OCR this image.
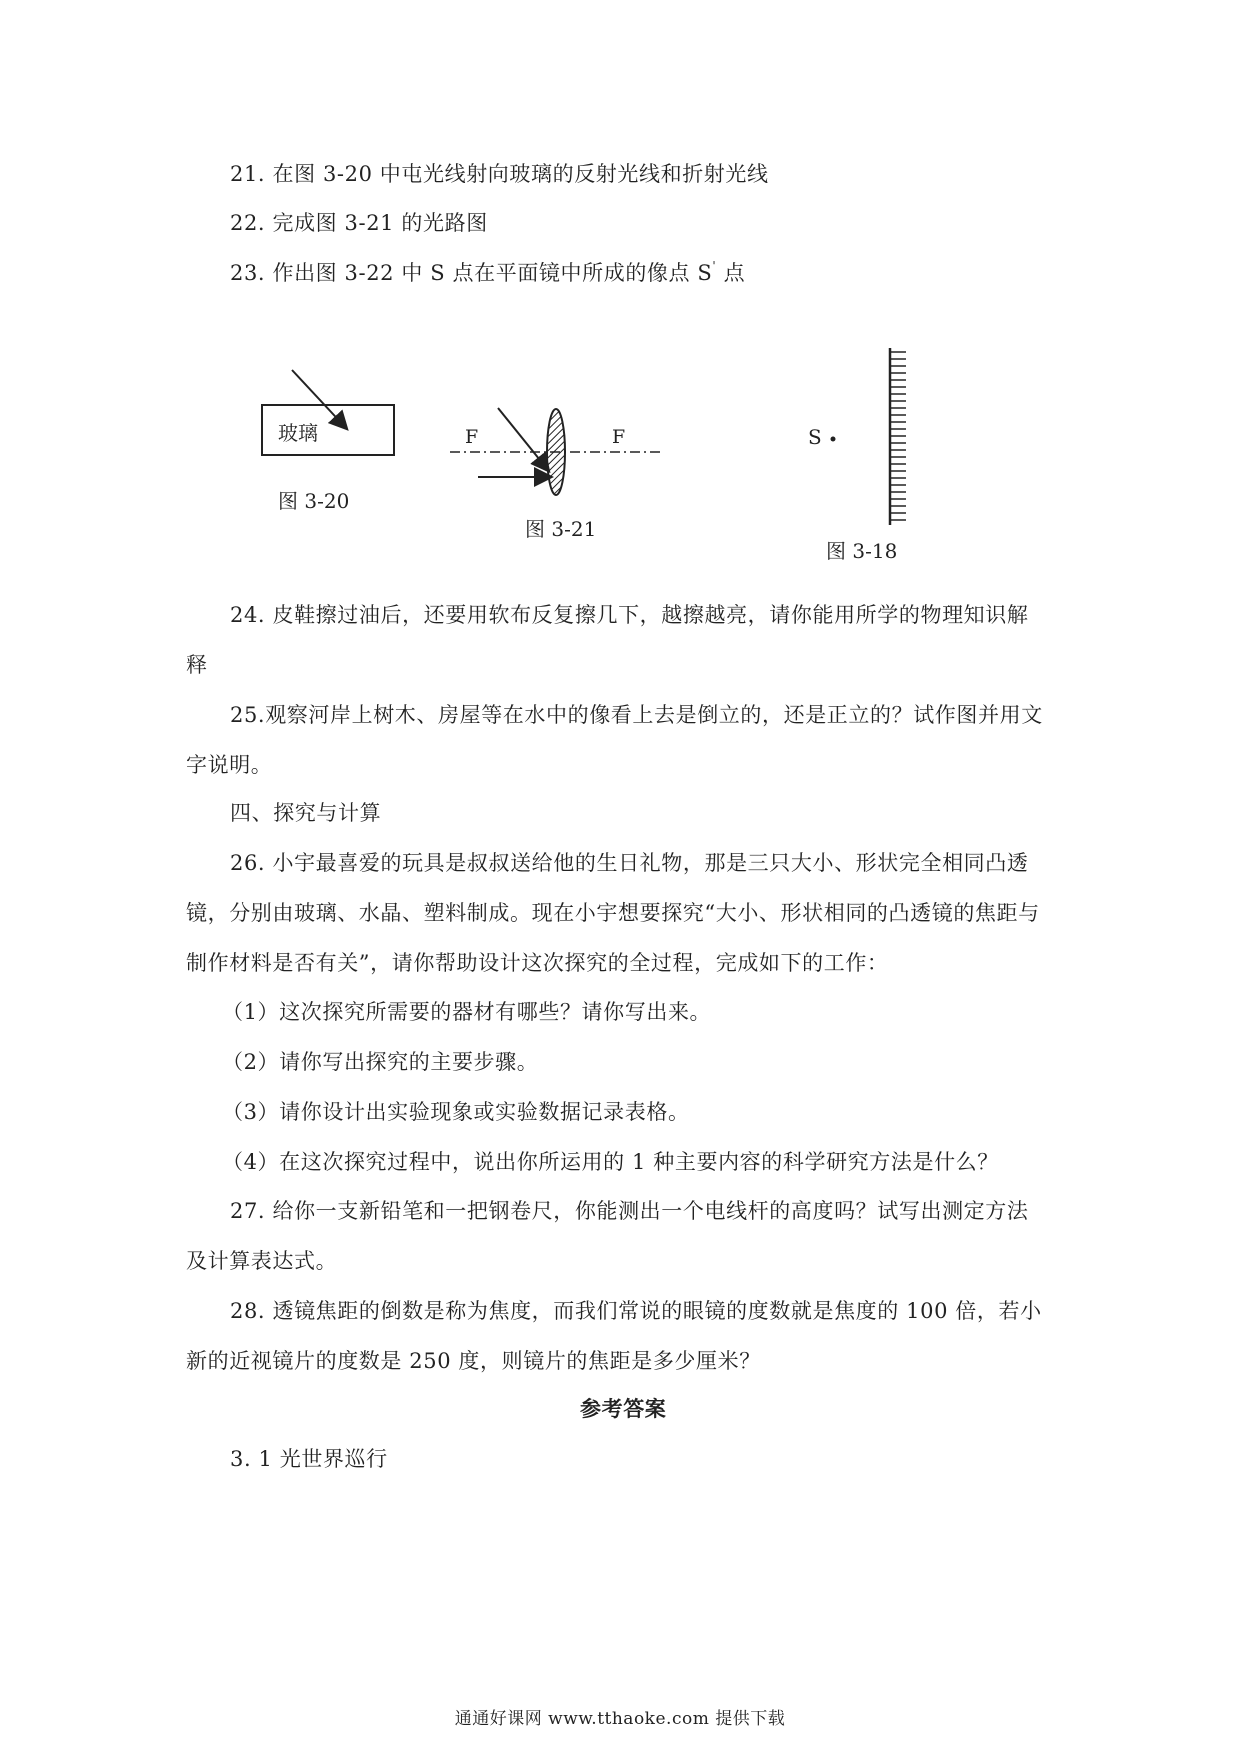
21. 在图 3-20 中屯光线射向玻璃的反射光线和折射光线
22. 完成图 3-21 的光路图
23. 作出图 3-22 中 S 点在平面镜中所成的像点 S' 点
玻璃
图 3-20
F	F
图 3-21
S
图 3-18
24. 皮鞋擦过油后，还要用软布反复擦几下，越擦越亮，请你能用所学的物理知识解
释
25.观察河岸上树木、房屋等在水中的像看上去是倒立的，还是正立的？试作图并用文
字说明。
四、探究与计算
26. 小宇最喜爱的玩具是叔叔送给他的生日礼物，那是三只大小、形状完全相同凸透
镜，分别由玻璃、水晶、塑料制成。现在小宇想要探究“大小、形状相同的凸透镜的焦距与
制作材料是否有关”，请你帮助设计这次探究的全过程，完成如下的工作：
（1）这次探究所需要的器材有哪些？请你写出来。
（2）请你写出探究的主要步骤。
（3）请你设计出实验现象或实验数据记录表格。
（4）在这次探究过程中，说出你所运用的 1 种主要内容的科学研究方法是什么？
27. 给你一支新铅笔和一把钢卷尺，你能测出一个电线杆的高度吗？试写出测定方法
及计算表达式。
28. 透镜焦距的倒数是称为焦度，而我们常说的眼镜的度数就是焦度的 100 倍，若小
新的近视镜片的度数是 250 度，则镜片的焦距是多少厘米？
参考答案
3. 1 光世界巡行
通通好课网 www.tthaoke.com 提供下载
